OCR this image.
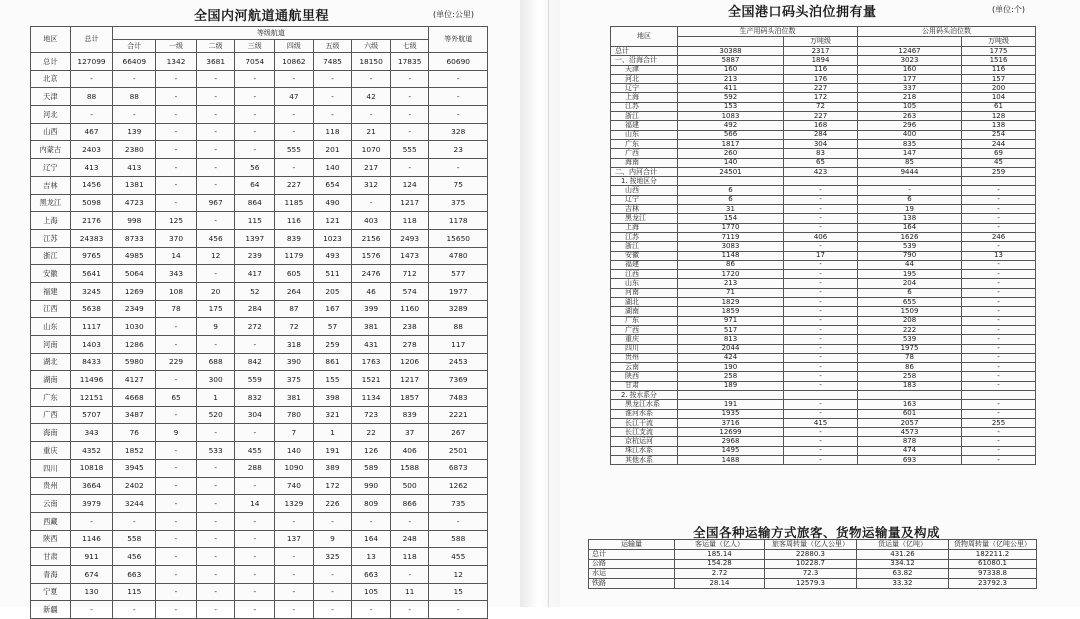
全国内河航道通航里程	(单位:公里)	全国港口码头泊位拥有量	(单位:个)
全国各种运输方式旅客、货物运输量及构成
地区	总计	等级航道								等外航道
		合计	一级	二级	三级	四级	五级	六级	七级	
总计	127099	66409	1342	3681	7054	10862	7485	18150	17835	60690
北京	-	-	-	-	-	-	-	-	-	-
天津	88	88	-	-	-	47	-	42	-	-
河北	-	-	-	-	-	-	-	-	-	-
山西	467	139	-	-	-	-	118	21	-	328
内蒙古	2403	2380	-	-	-	555	201	1070	555	23
辽宁	413	413	-	-	56	-	140	217	-	-
吉林	1456	1381	-	-	64	227	654	312	124	75
黑龙江	5098	4723	-	967	864	1185	490	-	1217	375
上海	2176	998	125	-	115	116	121	403	118	1178
江苏	24383	8733	370	456	1397	839	1023	2156	2493	15650
浙江	9765	4985	14	12	239	1179	493	1576	1473	4780
安徽	5641	5064	343	-	417	605	511	2476	712	577
福建	3245	1269	108	20	52	264	205	46	574	1977
江西	5638	2349	78	175	284	87	167	399	1160	3289
山东	1117	1030	-	9	272	72	57	381	238	88
河南	1403	1286	-	-	-	318	259	431	278	117
湖北	8433	5980	229	688	842	390	861	1763	1206	2453
湖南	11496	4127	-	300	559	375	155	1521	1217	7369
广东	12151	4668	65	1	832	381	398	1134	1857	7483
广西	5707	3487	-	520	304	780	321	723	839	2221
海南	343	76	9	-	-	7	1	22	37	267
重庆	4352	1852	-	533	455	140	191	126	406	2501
四川	10818	3945	-	-	288	1090	389	589	1588	6873
贵州	3664	2402	-	-	-	740	172	990	500	1262
云南	3979	3244	-	-	14	1329	226	809	866	735
西藏	-	-	-	-	-	-	-	-	-	-
陕西	1146	558	-	-	-	137	9	164	248	588
甘肃	911	456	-	-	-	-	325	13	118	455
青海	674	663	-	-	-	-	-	663	-	12
宁夏	130	115	-	-	-	-	-	105	11	15
新疆	-	-	-	-	-	-	-	-	-	-
地区	生产用码头泊位数		公用码头泊位数	
		万吨级		万吨级
总计	30388	2317	12467	1775
一、沿海合计	5887	1894	3023	1516
天津	160	116	160	116
河北	213	176	177	157
辽宁	411	227	337	200
上海	592	172	218	104
江苏	153	72	105	61
浙江	1083	227	263	128
福建	492	168	296	138
山东	566	284	400	254
广东	1817	304	835	244
广西	260	83	147	69
海南	140	65	85	45
二、内河合计	24501	423	9444	259
1. 按地区分				
山西	6	-	-	-
辽宁	6	-	6	-
吉林	31	-	19	-
黑龙江	154	-	138	-
上海	1770	-	164	-
江苏	7119	406	1626	246
浙江	3083	-	539	-
安徽	1148	17	790	13
福建	86	-	44	-
江西	1720	-	195	-
山东	213	-	204	-
河南	71	-	6	-
湖北	1829	-	655	-
湖南	1859	-	1509	-
广东	971	-	208	-
广西	517	-	222	-
重庆	813	-	539	-
四川	2044	-	1975	-
贵州	424	-	78	-
云南	190	-	86	-
陕西	258	-	258	-
甘肃	189	-	183	-
2. 按水系分				
黑龙江水系	191	-	163	-
淮河水系	1935	-	601	-
长江干流	3716	415	2057	255
长江支流	12699	-	4573	-
京杭运河	2968	-	878	-
珠江水系	1495	-	474	-
其他水系	1488	-	693	-
运输量	客运量（亿人）	旅客周转量（亿人公里）	货运量（亿吨）	货物周转量（亿吨公里）
总计	185.14	22880.3	431.26	182211.2
公路	154.28	10228.7	334.12	61080.1
水运	2.72	72.3	63.82	97338.8
铁路	28.14	12579.3	33.32	23792.3
